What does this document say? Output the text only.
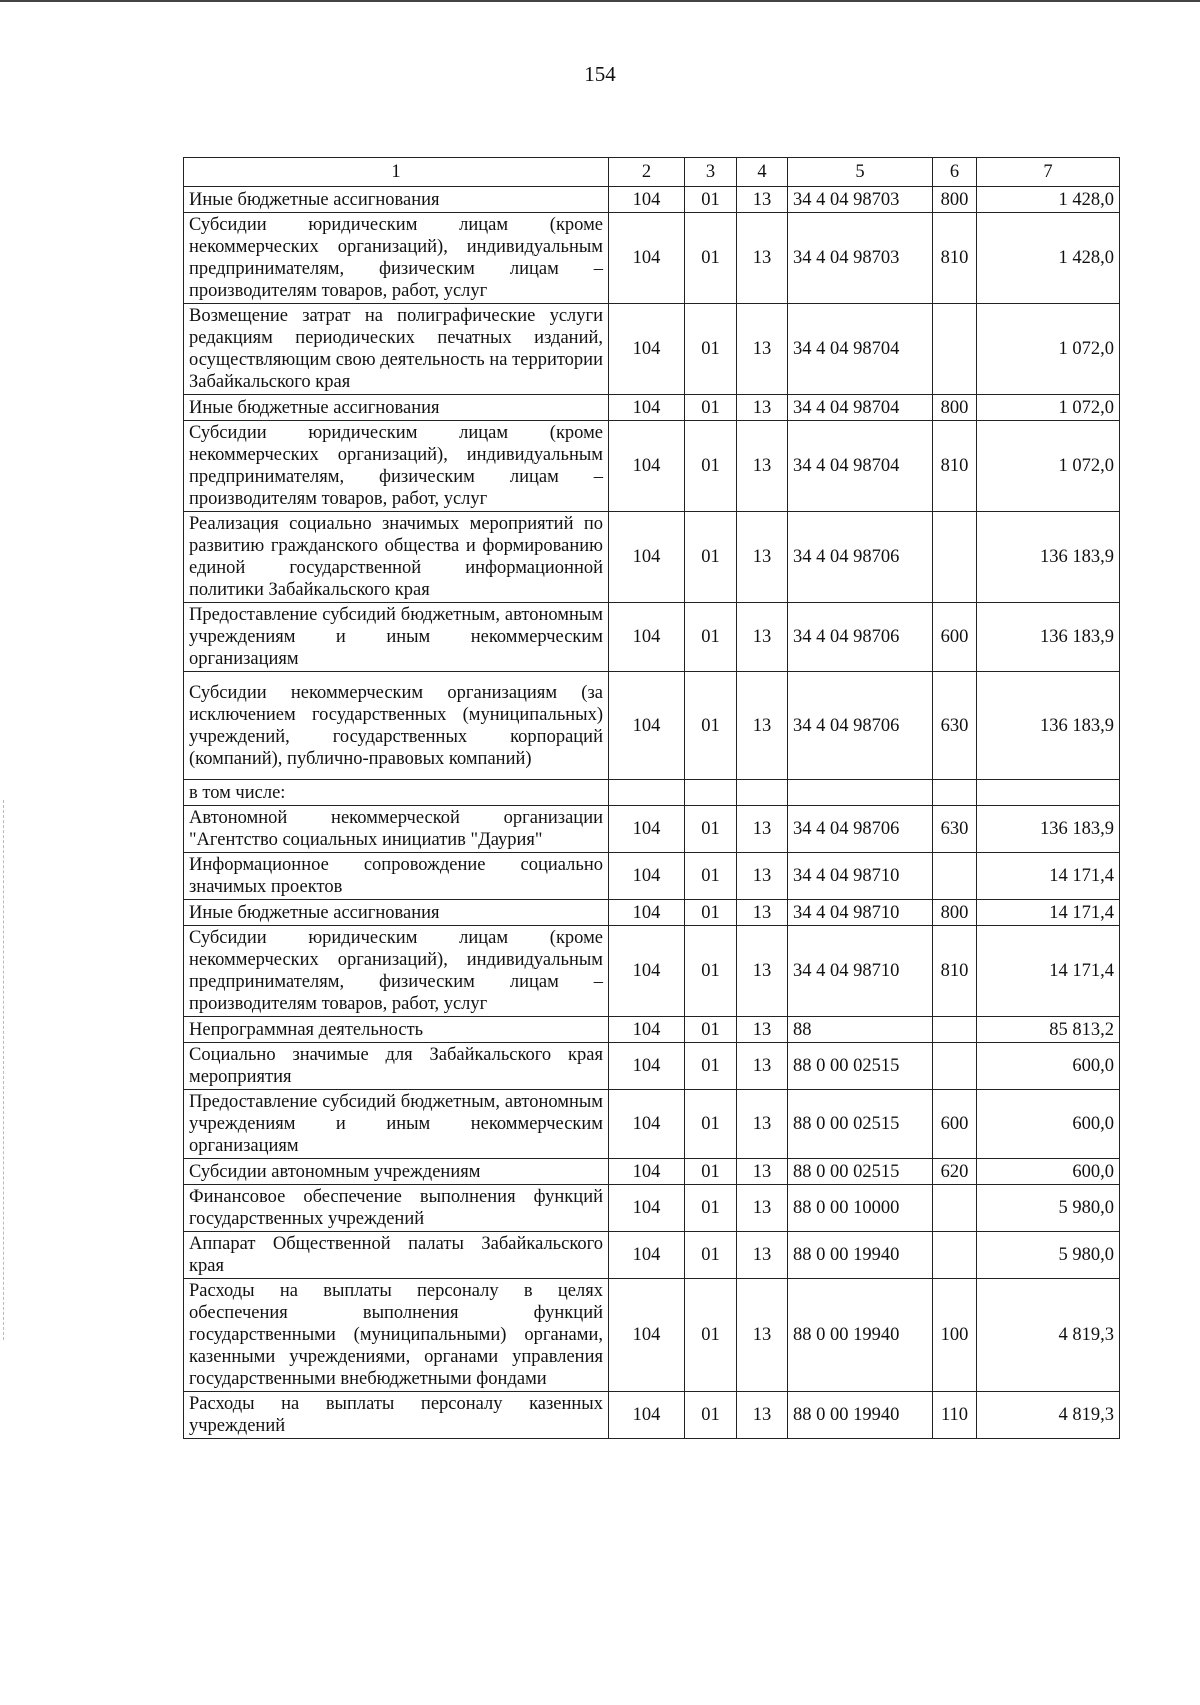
154
1	2	3	4	5	6	7
Иные бюджетные ассигнования	104	01	13	34 4 04 98703	800	1 428,0
Субсидии юридическим лицам (кроме некоммерческих организаций), индивидуальным предпринимателям, физическим лицам – производителям товаров, работ, услуг	104	01	13	34 4 04 98703	810	1 428,0
Возмещение затрат на полиграфические услуги редакциям периодических печатных изданий, осуществляющим свою деятельность на территории Забайкальского края	104	01	13	34 4 04 98704		1 072,0
Иные бюджетные ассигнования	104	01	13	34 4 04 98704	800	1 072,0
Субсидии юридическим лицам (кроме некоммерческих организаций), индивидуальным предпринимателям, физическим лицам – производителям товаров, работ, услуг	104	01	13	34 4 04 98704	810	1 072,0
Реализация социально значимых мероприятий по развитию гражданского общества и формированию единой государственной информационной политики Забайкальского края	104	01	13	34 4 04 98706		136 183,9
Предоставление субсидий бюджетным, автономным учреждениям и иным некоммерческим организациям	104	01	13	34 4 04 98706	600	136 183,9
Субсидии некоммерческим организациям (за исключением государственных (муниципальных) учреждений, государственных корпораций (компаний), публично-правовых компаний)	104	01	13	34 4 04 98706	630	136 183,9
в том числе:						
Автономной некоммерческой организации "Агентство социальных инициатив "Даурия"	104	01	13	34 4 04 98706	630	136 183,9
Информационное сопровождение социально значимых проектов	104	01	13	34 4 04 98710		14 171,4
Иные бюджетные ассигнования	104	01	13	34 4 04 98710	800	14 171,4
Субсидии юридическим лицам (кроме некоммерческих организаций), индивидуальным предпринимателям, физическим лицам – производителям товаров, работ, услуг	104	01	13	34 4 04 98710	810	14 171,4
Непрограммная деятельность	104	01	13	88		85 813,2
Социально значимые для Забайкальского края мероприятия	104	01	13	88 0 00 02515		600,0
Предоставление субсидий бюджетным, автономным учреждениям и иным некоммерческим организациям	104	01	13	88 0 00 02515	600	600,0
Субсидии автономным учреждениям	104	01	13	88 0 00 02515	620	600,0
Финансовое обеспечение выполнения функций государственных учреждений	104	01	13	88 0 00 10000		5 980,0
Аппарат Общественной палаты Забайкальского края	104	01	13	88 0 00 19940		5 980,0
Расходы на выплаты персоналу в целях обеспечения выполнения функций государственными (муниципальными) органами, казенными учреждениями, органами управления государственными внебюджетными фондами	104	01	13	88 0 00 19940	100	4 819,3
Расходы на выплаты персоналу казенных учреждений	104	01	13	88 0 00 19940	110	4 819,3
